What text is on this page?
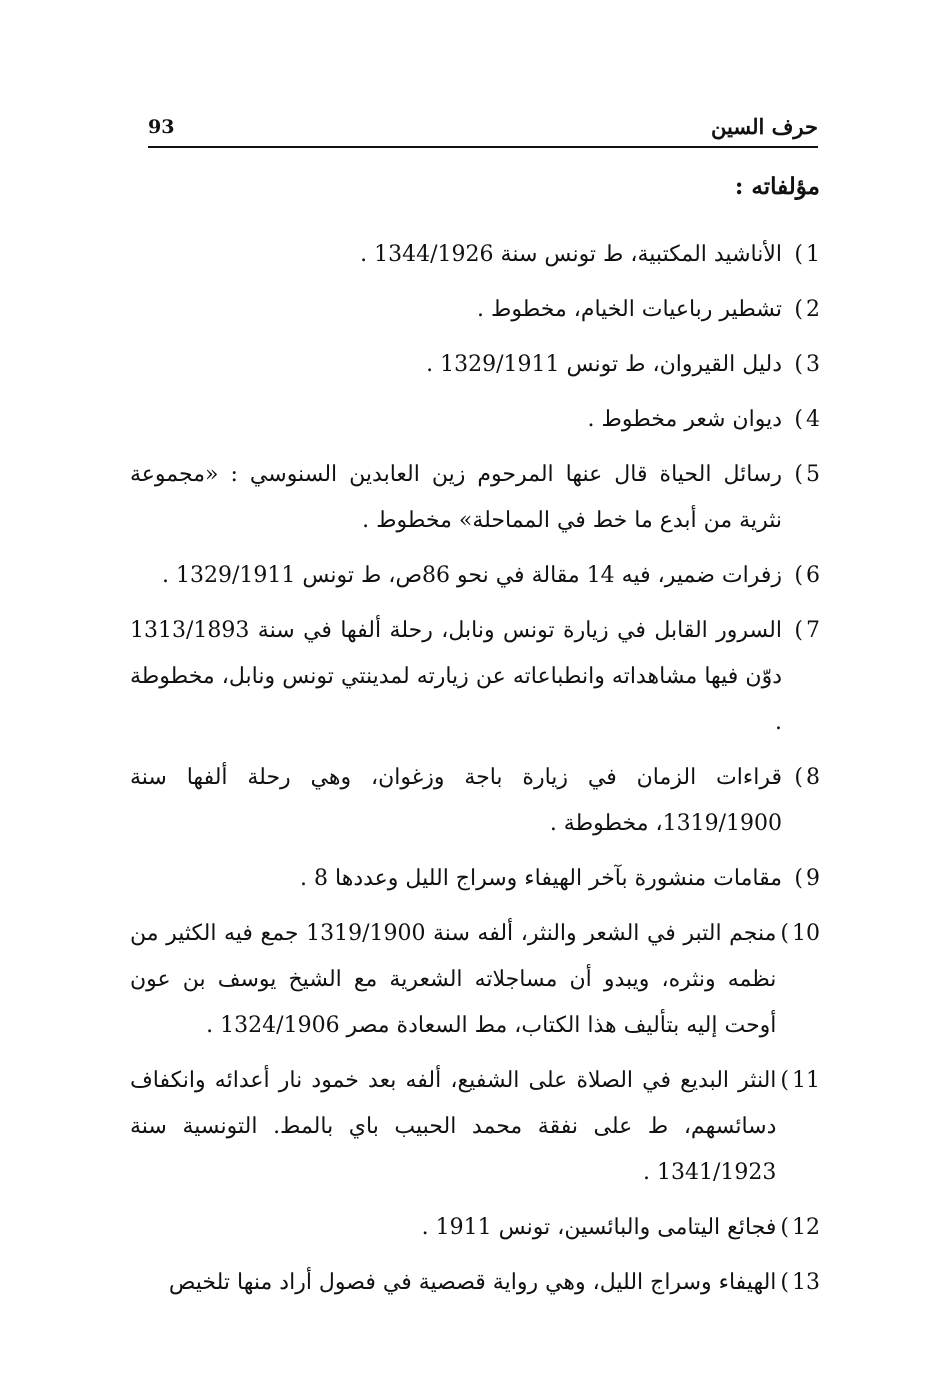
93	حرف السين
مؤلفاته :
1)
الأناشيد المكتبية، ط تونس سنة 1344/1926 .
2)
تشطير رباعيات الخيام، مخطوط .
3)
دليل القيروان، ط تونس 1329/1911 .
4)
ديوان شعر مخطوط .
5)
رسائل الحياة قال عنها المرحوم زين العابدين السنوسي : «مجموعة نثرية من أبدع ما خط في المماحلة» مخطوط .
6)
زفرات ضمير، فيه 14 مقالة في نحو 86ص، ط تونس 1329/1911 .
7)
السرور القابل في زيارة تونس ونابل، رحلة ألفها في سنة 1313/1893 دوّن فيها مشاهداته وانطباعاته عن زيارته لمدينتي تونس ونابل، مخطوطة .
8)
قراءات الزمان في زيارة باجة وزغوان، وهي رحلة ألفها سنة 1319/1900، مخطوطة .
9)
مقامات منشورة بآخر الهيفاء وسراج الليل وعددها 8 .
10)
منجم التبر في الشعر والنثر، ألفه سنة 1319/1900 جمع فيه الكثير من نظمه ونثره، ويبدو أن مساجلاته الشعرية مع الشيخ يوسف بن عون أوحت إليه بتأليف هذا الكتاب، مط السعادة مصر 1324/1906 .
11)
النثر البديع في الصلاة على الشفيع، ألفه بعد خمود نار أعدائه وانكفاف دسائسهم، ط على نفقة محمد الحبيب باي بالمط. التونسية سنة 1341/1923 .
12)
فجائع اليتامى والبائسين، تونس 1911 .
13)
الهيفاء وسراج الليل، وهي رواية قصصية في فصول أراد منها تلخيص
